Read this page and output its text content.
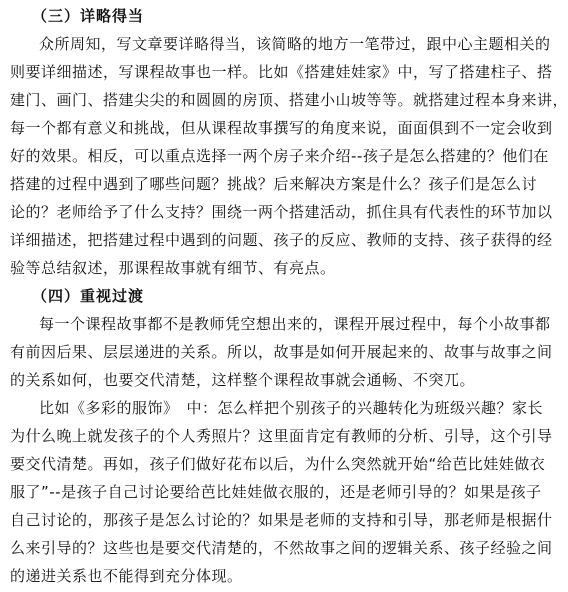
（三）详略得当
众所周知，写文章要详略得当，该简略的地方一笔带过，跟中心主题相关的
则要详细描述，写课程故事也一样。比如《搭建娃娃家》中，写了搭建柱子、搭
建门、画门、搭建尖尖的和圆圆的房顶、搭建小山坡等等。就搭建过程本身来讲，
每一个都有意义和挑战，但从课程故事撰写的角度来说，面面俱到不一定会收到
好的效果。相反，可以重点选择一两个房子来介绍--孩子是怎么搭建的？他们在
搭建的过程中遇到了哪些问题？挑战？后来解决方案是什么？孩子们是怎么讨
论的？老师给予了什么支持？围绕一两个搭建活动，抓住具有代表性的环节加以
详细描述，把搭建过程中遇到的问题、孩子的反应、教师的支持、孩子获得的经
验等总结叙述，那课程故事就有细节、有亮点。
（四）重视过渡
每一个课程故事都不是教师凭空想出来的，课程开展过程中，每个小故事都
有前因后果、层层递进的关系。所以，故事是如何开展起来的、故事与故事之间
的关系如何，也要交代清楚，这样整个课程故事就会通畅、不突兀。
比如《多彩的服饰》　中：怎么样把个别孩子的兴趣转化为班级兴趣？家长
为什么晚上就发孩子的个人秀照片？这里面肯定有教师的分析、引导，这个引导
要交代清楚。再如，孩子们做好花布以后，为什么突然就开始“给芭比娃娃做衣
服了”--是孩子自己讨论要给芭比娃娃做衣服的，还是老师引导的？如果是孩子
自己讨论的，那孩子是怎么讨论的？如果是老师的支持和引导，那老师是根据什
么来引导的？这些也是要交代清楚的，不然故事之间的逻辑关系、孩子经验之间
的递进关系也不能得到充分体现。
